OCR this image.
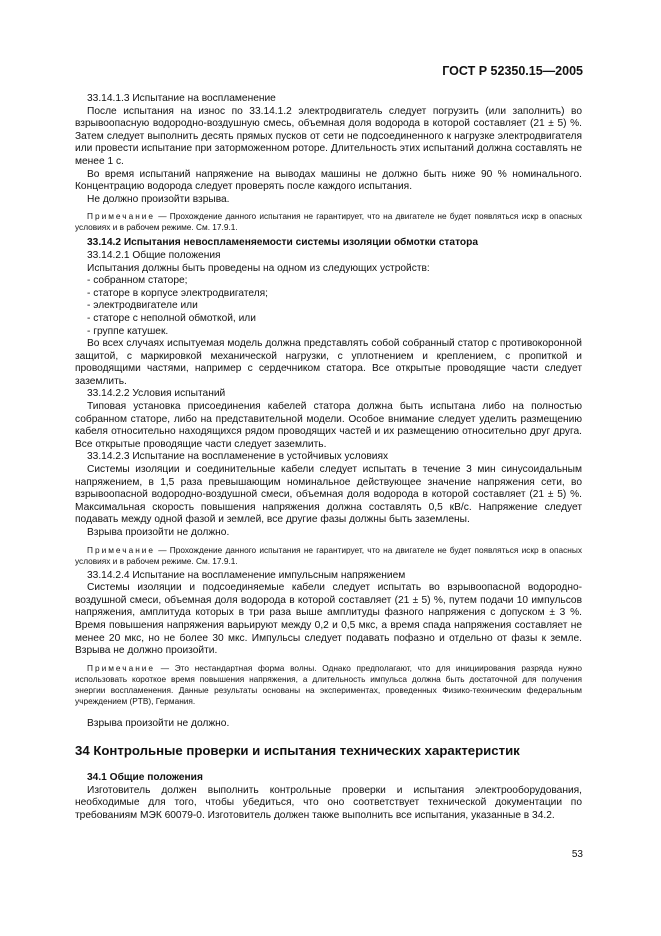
ГОСТ Р 52350.15—2005

33.14.1.3 Испытание на воспламенение

После испытания на износ по 33.14.1.2 электродвигатель следует погрузить (или заполнить) во взрывоопасную водородно-воздушную смесь, объемная доля водорода в которой составляет (21 ± 5) %. Затем следует выполнить десять прямых пусков от сети не подсоединенного к нагрузке электродвигателя или провести испытание при заторможенном роторе. Длительность этих испытаний должна составлять не менее 1 с.

Во время испытаний напряжение на выводах машины не должно быть ниже 90 % номинального. Концентрацию водорода следует проверять после каждого испытания.

Не должно произойти взрыва.

Примечание — Прохождение данного испытания не гарантирует, что на двигателе не будет появляться искр в опасных условиях и в рабочем режиме. См. 17.9.1.

33.14.2 Испытания невоспламеняемости системы изоляции обмотки статора

33.14.2.1 Общие положения

Испытания должны быть проведены на одном из следующих устройств:

- собранном статоре;

- статоре в корпусе электродвигателя;

- электродвигателе или

- статоре с неполной обмоткой, или

- группе катушек.

Во всех случаях испытуемая модель должна представлять собой собранный статор с противокоронной защитой, с маркировкой механической нагрузки, с уплотнением и креплением, с пропиткой и проводящими частями, например с сердечником статора. Все открытые проводящие части следует заземлить.

33.14.2.2 Условия испытаний

Типовая установка присоединения кабелей статора должна быть испытана либо на полностью собранном статоре, либо на представительной модели. Особое внимание следует уделить размещению кабеля относительно находящихся рядом проводящих частей и их размещению относительно друг друга. Все открытые проводящие части следует заземлить.

33.14.2.3 Испытание на воспламенение в устойчивых условиях

Системы изоляции и соединительные кабели следует испытать в течение 3 мин синусоидальным напряжением, в 1,5 раза превышающим номинальное действующее значение напряжения сети, во взрывоопасной водородно-воздушной смеси, объемная доля водорода в которой составляет (21 ± 5) %. Максимальная скорость повышения напряжения должна составлять 0,5 кВ/с. Напряжение следует подавать между одной фазой и землей, все другие фазы должны быть заземлены.

Взрыва произойти не должно.

Примечание — Прохождение данного испытания не гарантирует, что на двигателе не будет появляться искр в опасных условиях и в рабочем режиме. См. 17.9.1.

33.14.2.4 Испытание на воспламенение импульсным напряжением

Системы изоляции и подсоединяемые кабели следует испытать во взрывоопасной водородно-воздушной смеси, объемная доля водорода в которой составляет (21 ± 5) %, путем подачи 10 импульсов напряжения, амплитуда которых в три раза выше амплитуды фазного напряжения с допуском ± 3 %. Время повышения напряжения варьируют между 0,2 и 0,5 мкс, а время спада напряжения составляет не менее 20 мкс, но не более 30 мкс. Импульсы следует подавать пофазно и отдельно от фазы к земле. Взрыва не должно произойти.

Примечание — Это нестандартная форма волны. Однако предполагают, что для инициирования разряда нужно использовать короткое время повышения напряжения, а длительность импульса должна быть достаточной для получения энергии воспламенения. Данные результаты основаны на экспериментах, проведенных Физико-техническим федеральным учреждением (PTB), Германия.

Взрыва произойти не должно.

34 Контрольные проверки и испытания технических характеристик

34.1 Общие положения

Изготовитель должен выполнить контрольные проверки и испытания электрооборудования, необходимые для того, чтобы убедиться, что оно соответствует технической документации по требованиям МЭК 60079-0. Изготовитель должен также выполнить все испытания, указанные в 34.2.

53
